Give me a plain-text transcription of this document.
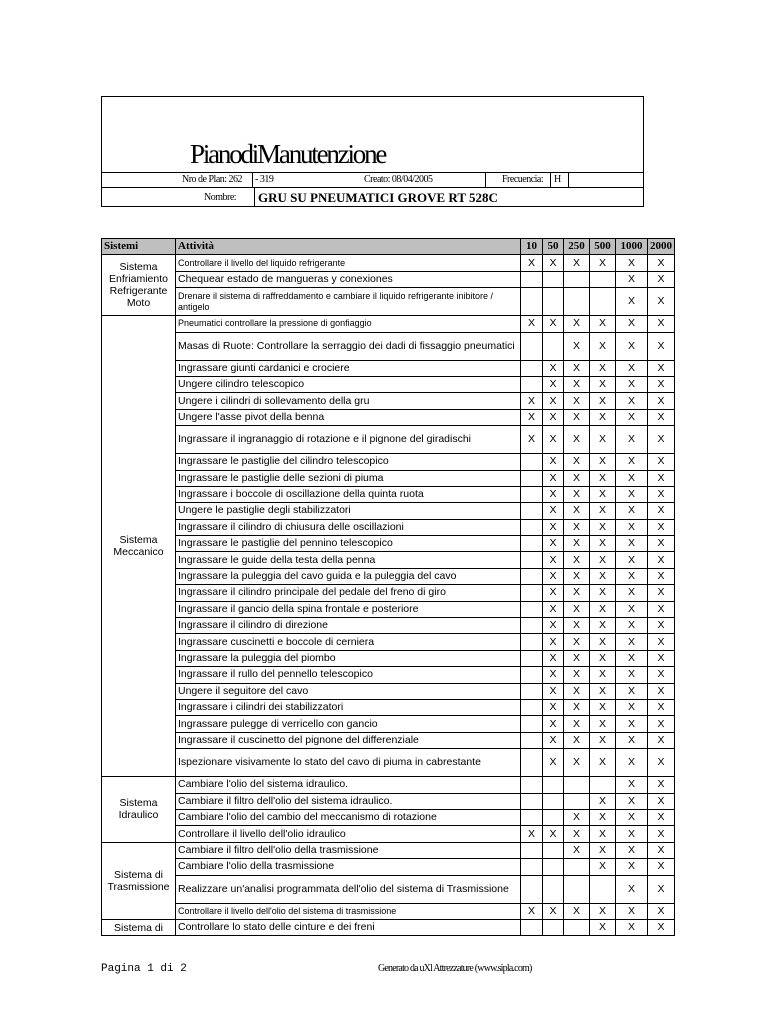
PianodiManutenzione
Nro de Plan: 262	- 319	Creato: 08/04/2005	Frecuencia:	H
Nombre:	GRU SU PNEUMATICI GROVE RT 528C
Sistemi	Attività	10	50	250	500	1000	2000
Sistema Enfriamiento Refrigerante Moto	Controllare il livello del liquido refrigerante	X	X	X	X	X	X
	Chequear estado de mangueras y conexiones					X	X
	Drenare il sistema di raffreddamento e cambiare il liquido refrigerante inibitore / antigelo					X	X
Sistema Meccanico	Pneumatici controllare la pressione di gonfiaggio	X	X	X	X	X	X
	Masas di Ruote: Controllare la serraggio dei dadi di fissaggio pneumatici			X	X	X	X
	Ingrassare giunti cardanici e crociere		X	X	X	X	X
	Ungere cilindro telescopico		X	X	X	X	X
	Ungere i cilindri di sollevamento della gru	X	X	X	X	X	X
	Ungere l'asse pivot della benna	X	X	X	X	X	X
	Ingrassare il ingranaggio di rotazione e il pignone del giradischi	X	X	X	X	X	X
	Ingrassare le pastiglie del cilindro telescopico		X	X	X	X	X
	Ingrassare le pastiglie delle sezioni di piuma		X	X	X	X	X
	Ingrassare i boccole di oscillazione della quinta ruota		X	X	X	X	X
	Ungere le pastiglie degli stabilizzatori		X	X	X	X	X
	Ingrassare il cilindro di chiusura delle oscillazioni		X	X	X	X	X
	Ingrassare le pastiglie del pennino telescopico		X	X	X	X	X
	Ingrassare le guide della testa della penna		X	X	X	X	X
	Ingrassare la puleggia del cavo guida e la puleggia del cavo		X	X	X	X	X
	Ingrassare il cilindro principale del pedale del freno di giro		X	X	X	X	X
	Ingrassare il gancio della spina frontale e posteriore		X	X	X	X	X
	Ingrassare il cilindro di direzione		X	X	X	X	X
	Ingrassare cuscinetti e boccole di cerniera		X	X	X	X	X
	Ingrassare la puleggia del piombo		X	X	X	X	X
	Ingrassare il rullo del pennello telescopico		X	X	X	X	X
	Ungere il seguitore del cavo		X	X	X	X	X
	Ingrassare i cilindri dei stabilizzatori		X	X	X	X	X
	Ingrassare pulegge di verricello con gancio		X	X	X	X	X
	Ingrassare il cuscinetto del pignone del differenziale		X	X	X	X	X
	Ispezionare visivamente lo stato del cavo di piuma in cabrestante		X	X	X	X	X
Sistema Idraulico	Cambiare l'olio del sistema idraulico.					X	X
	Cambiare il filtro dell'olio del sistema idraulico.				X	X	X
	Cambiare l'olio del cambio del meccanismo di rotazione			X	X	X	X
	Controllare il livello dell'olio idraulico	X	X	X	X	X	X
Sistema di Trasmissione	Cambiare il filtro dell'olio della trasmissione			X	X	X	X
	Cambiare l'olio della trasmissione				X	X	X
	Realizzare un'analisi programmata dell'olio del sistema di Trasmissione					X	X
	Controllare il livello dell'olio del sistema di trasmissione	X	X	X	X	X	X
Sistema di	Controllare lo stato delle cinture e dei freni				X	X	X
Pagina 1 di 2	Generato da uXl Attrezzature (www.sipla.com)
